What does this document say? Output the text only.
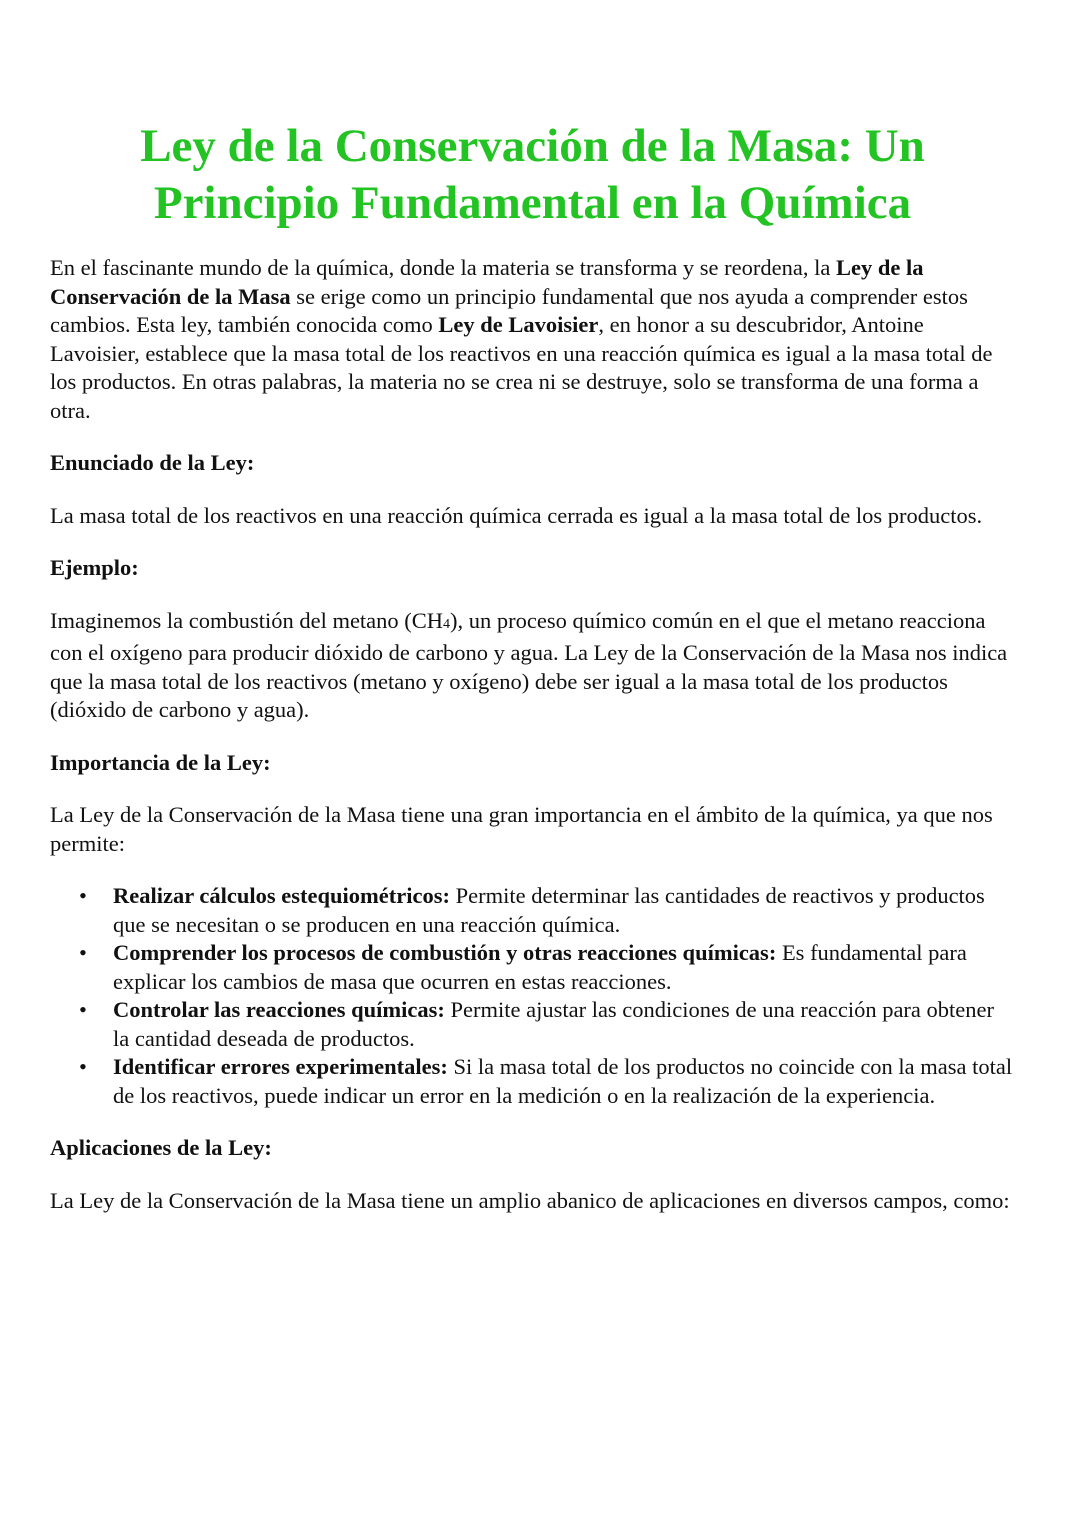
Ley de la Conservación de la Masa: Un Principio Fundamental en la Química

En el fascinante mundo de la química, donde la materia se transforma y se reordena, la Ley de la Conservación de la Masa se erige como un principio fundamental que nos ayuda a comprender estos cambios. Esta ley, también conocida como Ley de Lavoisier, en honor a su descubridor, Antoine Lavoisier, establece que la masa total de los reactivos en una reacción química es igual a la masa total de los productos. En otras palabras, la materia no se crea ni se destruye, solo se transforma de una forma a otra.

Enunciado de la Ley:

La masa total de los reactivos en una reacción química cerrada es igual a la masa total de los productos.

Ejemplo:

Imaginemos la combustión del metano (CH4), un proceso químico común en el que el metano reacciona con el oxígeno para producir dióxido de carbono y agua. La Ley de la Conservación de la Masa nos indica que la masa total de los reactivos (metano y oxígeno) debe ser igual a la masa total de los productos (dióxido de carbono y agua).

Importancia de la Ley:

La Ley de la Conservación de la Masa tiene una gran importancia en el ámbito de la química, ya que nos permite:

• Realizar cálculos estequiométricos: Permite determinar las cantidades de reactivos y productos que se necesitan o se producen en una reacción química.
• Comprender los procesos de combustión y otras reacciones químicas: Es fundamental para explicar los cambios de masa que ocurren en estas reacciones.
• Controlar las reacciones químicas: Permite ajustar las condiciones de una reacción para obtener la cantidad deseada de productos.
• Identificar errores experimentales: Si la masa total de los productos no coincide con la masa total de los reactivos, puede indicar un error en la medición o en la realización de la experiencia.
Aplicaciones de la Ley:

La Ley de la Conservación de la Masa tiene un amplio abanico de aplicaciones en diversos campos, como:
